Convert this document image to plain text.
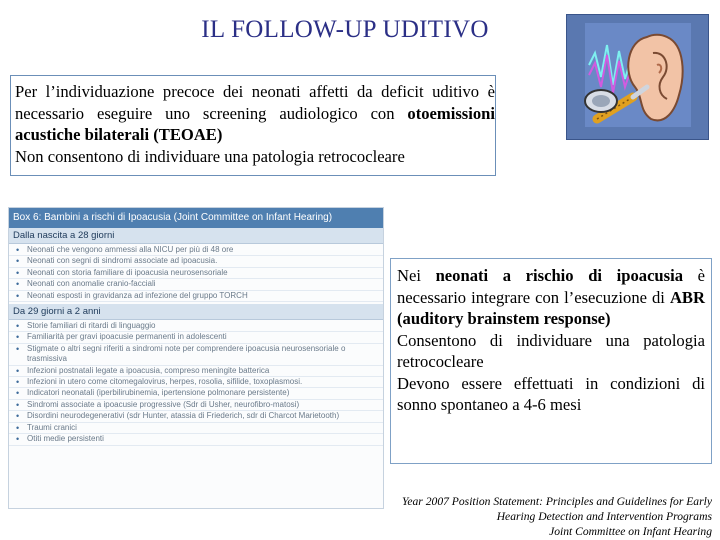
IL FOLLOW-UP UDITIVO

Per l’individuazione precoce dei neonati affetti da deficit uditivo è necessario eseguire uno screening audiologico con otoemissioni acustiche bilaterali (TEOAE)

Non consentono di individuare una patologia retrococleare

Box 6: Bambini a rischi di Ipoacusia (Joint Committee on Infant Hearing)
Dalla nascita a 28 giorni
• Neonati che vengono ammessi alla NICU per più di 48 ore
• Neonati con segni di sindromi associate ad ipoacusia.
• Neonati con storia familiare di ipoacusia neurosensoriale
• Neonati con anomalie cranio-facciali
• Neonati esposti in gravidanza ad infezione del gruppo TORCH
Da 29 giorni a 2 anni
• Storie familiari di ritardi di linguaggio
• Familiarità per gravi ipoacusie permanenti in adolescenti
• Stigmate o altri segni riferiti a sindromi note per comprendere ipoacusia neurosensoriale o trasmissiva
• Infezioni postnatali legate a ipoacusia, compreso meningite batterica
• Infezioni in utero come citomegalovirus, herpes, rosolia, sifilide, toxoplasmosi.
• Indicatori neonatali (iperbilirubinemia, ipertensione polmonare persistente)
• Sindromi associate a ipoacusie progressive (Sdr di Usher, neurofibro-matosi)
• Disordini neurodegenerativi (sdr Hunter, atassia di Friederich, sdr di Charcot Marietooth)
• Traumi cranici
• Otiti medie persistenti

Nei neonati a rischio di ipoacusia è necessario integrare con l’esecuzione di ABR (auditory brainstem response)

Consentono di individuare una patologia retrococleare

Devono essere effettuati in condizioni di sonno spontaneo a 4-6 mesi

Year 2007 Position Statement: Principles and Guidelines for Early
Hearing Detection and Intervention Programs
Joint Committee on Infant Hearing
